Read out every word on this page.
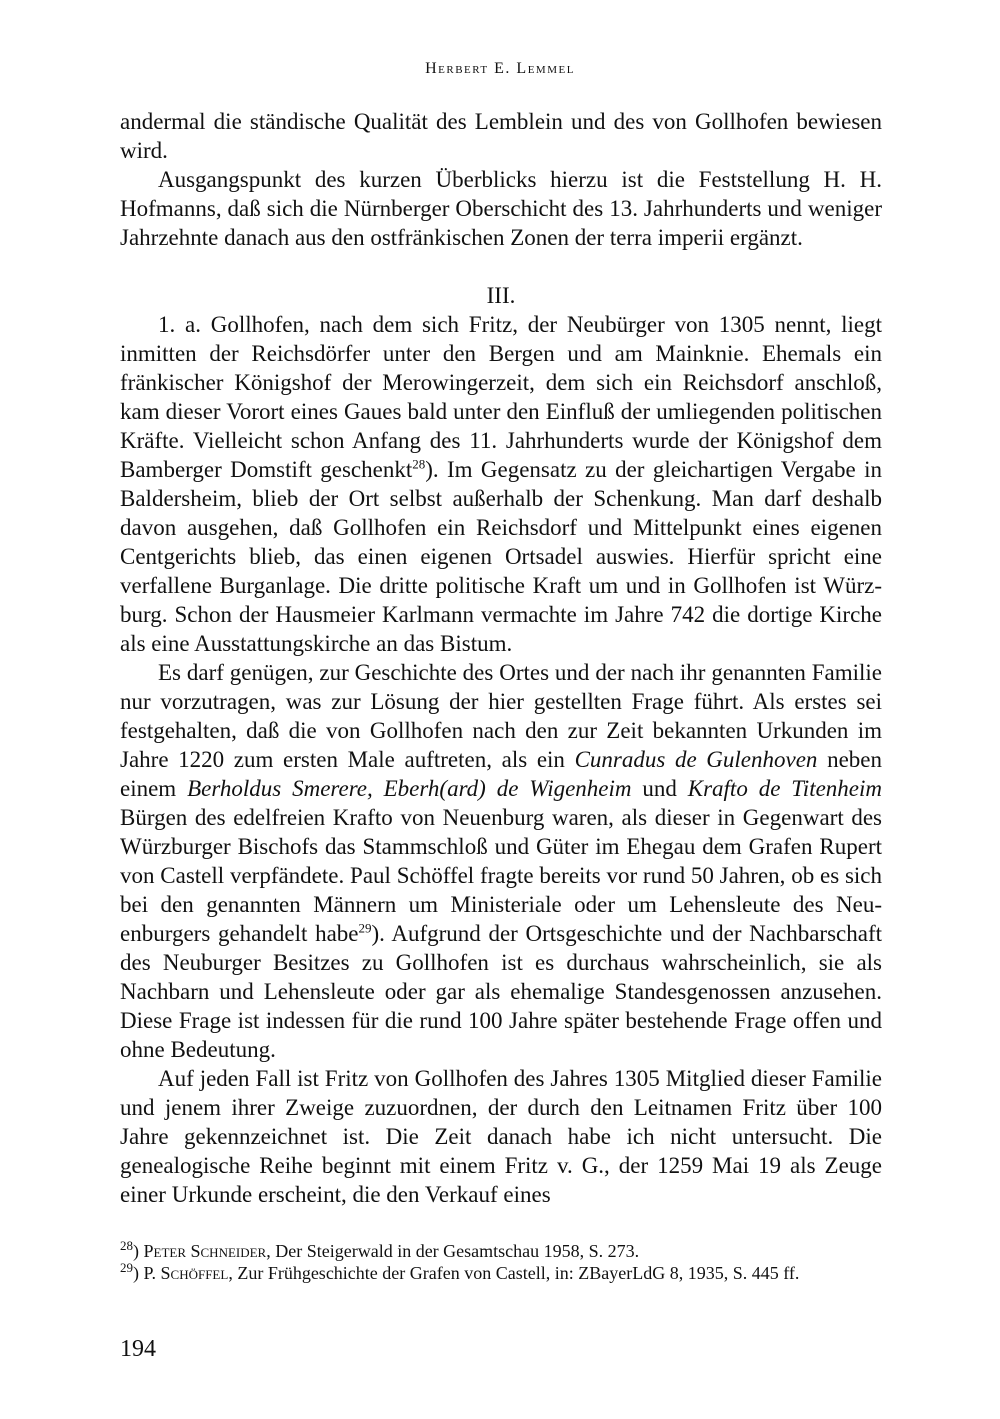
Herbert E. Lemmel

andermal die ständische Qualität des Lemblein und des von Gollhofen bewiesen wird.

Ausgangspunkt des kurzen Überblicks hierzu ist die Feststellung H. H. Hofmanns, daß sich die Nürnberger Oberschicht des 13. Jahrhunderts und weniger Jahrzehnte danach aus den ostfränkischen Zonen der terra imperii ergänzt.

III.

1. a. Gollhofen, nach dem sich Fritz, der Neubürger von 1305 nennt, liegt inmitten der Reichsdörfer unter den Bergen und am Mainknie. Ehemals ein fränkischer Königshof der Merowingerzeit, dem sich ein Reichsdorf anschloß, kam dieser Vorort eines Gaues bald unter den Einfluß der umliegenden politischen Kräfte. Vielleicht schon Anfang des 11. Jahrhunderts wurde der Königshof dem Bamberger Domstift geschenkt$^{28}$). Im Gegensatz zu der gleichartigen Vergabe in Baldersheim, blieb der Ort selbst außerhalb der Schenkung. Man darf deshalb davon ausgehen, daß Gollhofen ein Reichsdorf und Mittelpunkt eines eigenen Centgerichts blieb, das einen eigenen Ortsadel auswies. Hierfür spricht eine verfallene Burganlage. Die dritte politische Kraft um und in Gollhofen ist Würzburg. Schon der Hausmeier Karlmann vermachte im Jahre 742 die dortige Kirche als eine Ausstattungskirche an das Bistum.

Es darf genügen, zur Geschichte des Ortes und der nach ihr genannten Familie nur vorzutragen, was zur Lösung der hier gestellten Frage führt. Als erstes sei festgehalten, daß die von Gollhofen nach den zur Zeit bekannten Urkunden im Jahre 1220 zum ersten Male auftreten, als ein Cunradus de Gulenhoven neben einem Berholdus Smerere, Eberh(ard) de Wigenheim und Krafto de Titenheim Bürgen des edelfreien Krafto von Neuenburg waren, als dieser in Gegenwart des Würzburger Bischofs das Stammschloß und Güter im Ehegau dem Grafen Rupert von Castell verpfändete. Paul Schöffel fragte bereits vor rund 50 Jahren, ob es sich bei den genannten Männern um Ministeriale oder um Lehensleute des Neuenburgers gehandelt habe$^{29}$). Aufgrund der Ortsgeschichte und der Nachbarschaft des Neuburger Besitzes zu Gollhofen ist es durchaus wahrscheinlich, sie als Nachbarn und Lehensleute oder gar als ehemalige Standesgenossen anzusehen. Diese Frage ist indessen für die rund 100 Jahre später bestehende Frage offen und ohne Bedeutung.

Auf jeden Fall ist Fritz von Gollhofen des Jahres 1305 Mitglied dieser Familie und jenem ihrer Zweige zuzuordnen, der durch den Leitnamen Fritz über 100 Jahre gekennzeichnet ist. Die Zeit danach habe ich nicht untersucht. Die genealogische Reihe beginnt mit einem Fritz v. G., der 1259 Mai 19 als Zeuge einer Urkunde erscheint, die den Verkauf eines

$^{28}$) Peter Schneider, Der Steigerwald in der Gesamtschau 1958, S. 273.

$^{29}$) P. Schöffel, Zur Frühgeschichte der Grafen von Castell, in: ZBayerLdG 8, 1935, S. 445 ff.

194
